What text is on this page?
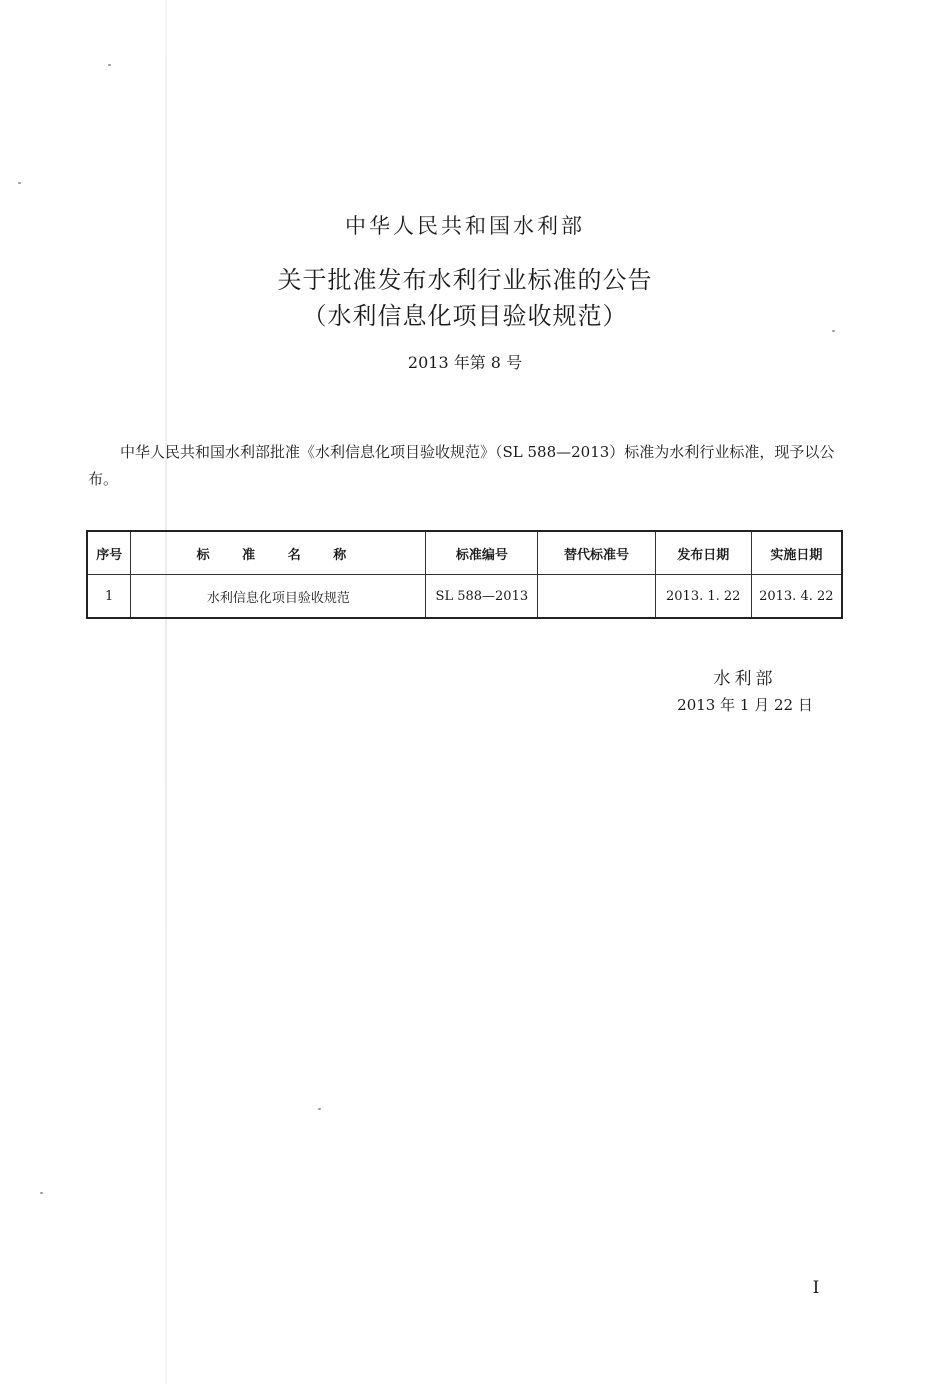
中华人民共和国水利部
关于批准发布水利行业标准的公告
（水利信息化项目验收规范）
2013 年第 8 号

中华人民共和国水利部批准《水利信息化项目验收规范》（SL 588—2013）标准为水利行业标准，现予以公布。

序号	标 准 名 称	标准编号	替代标准号	发布日期	实施日期
1	水利信息化项目验收规范	SL 588—2013		2013. 1. 22	2013. 4. 22
水利部
2013 年 1 月 22 日
I
